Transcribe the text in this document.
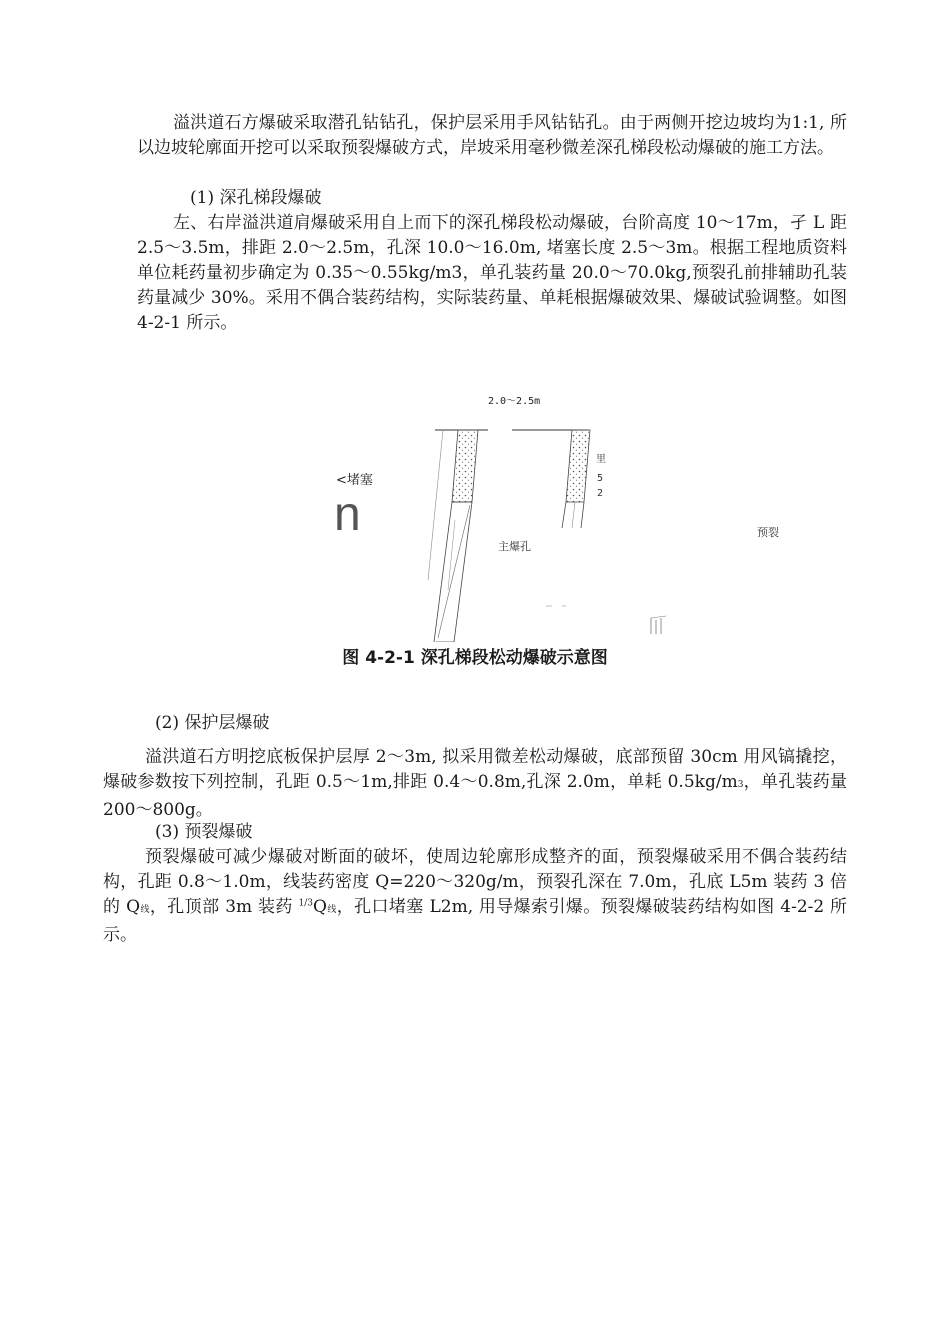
溢洪道石方爆破采取潜孔钻钻孔，保护层采用手风钻钻孔。由于两侧开挖边坡均为1:1, 所以边坡轮廓面开挖可以采取预裂爆破方式，岸坡采用毫秒微差深孔梯段松动爆破的施工方法。

(1) 深孔梯段爆破

左、右岸溢洪道肩爆破采用自上而下的深孔梯段松动爆破，台阶高度 10〜17m，孑 L 距 2.5〜3.5m，排距 2.0〜2.5m，孔深 10.0〜16.0m, 堵塞长度 2.5〜3m。根据工程地质资料单位耗药量初步确定为 0.35〜0.55kg/m3，单孔装药量 20.0〜70.0kg,预裂孔前排辅助孔装药量减少 30%。采用不偶合装药结构，实际装药量、单耗根据爆破效果、爆破试验调整。如图 4-2-1 所示。

2.0〜2.5m
<堵塞
n
里
5
2
主爆孔
预裂
图 4-2-1 深孔梯段松动爆破示意图

(2) 保护层爆破

溢洪道石方明挖底板保护层厚 2〜3m, 拟采用微差松动爆破，底部预留 30cm 用风镐撬挖，爆破参数按下列控制，孔距 0.5〜1m,排距 0.4〜0.8m,孔深 2.0m，单耗 0.5kg/m3，单孔装药量 200〜800g。

(3) 预裂爆破

预裂爆破可减少爆破对断面的破坏，使周边轮廓形成整齐的面，预裂爆破采用不偶合装药结构，孔距 0.8〜1.0m，线装药密度 Q=220〜320g/m，预裂孔深在 7.0m，孔底 L5m 装药 3 倍的 Q线，孔顶部 3m 装药 $^{1/3}$Q线，孔口堵塞 L2m, 用导爆索引爆。预裂爆破装药结构如图 4-2-2 所示。
